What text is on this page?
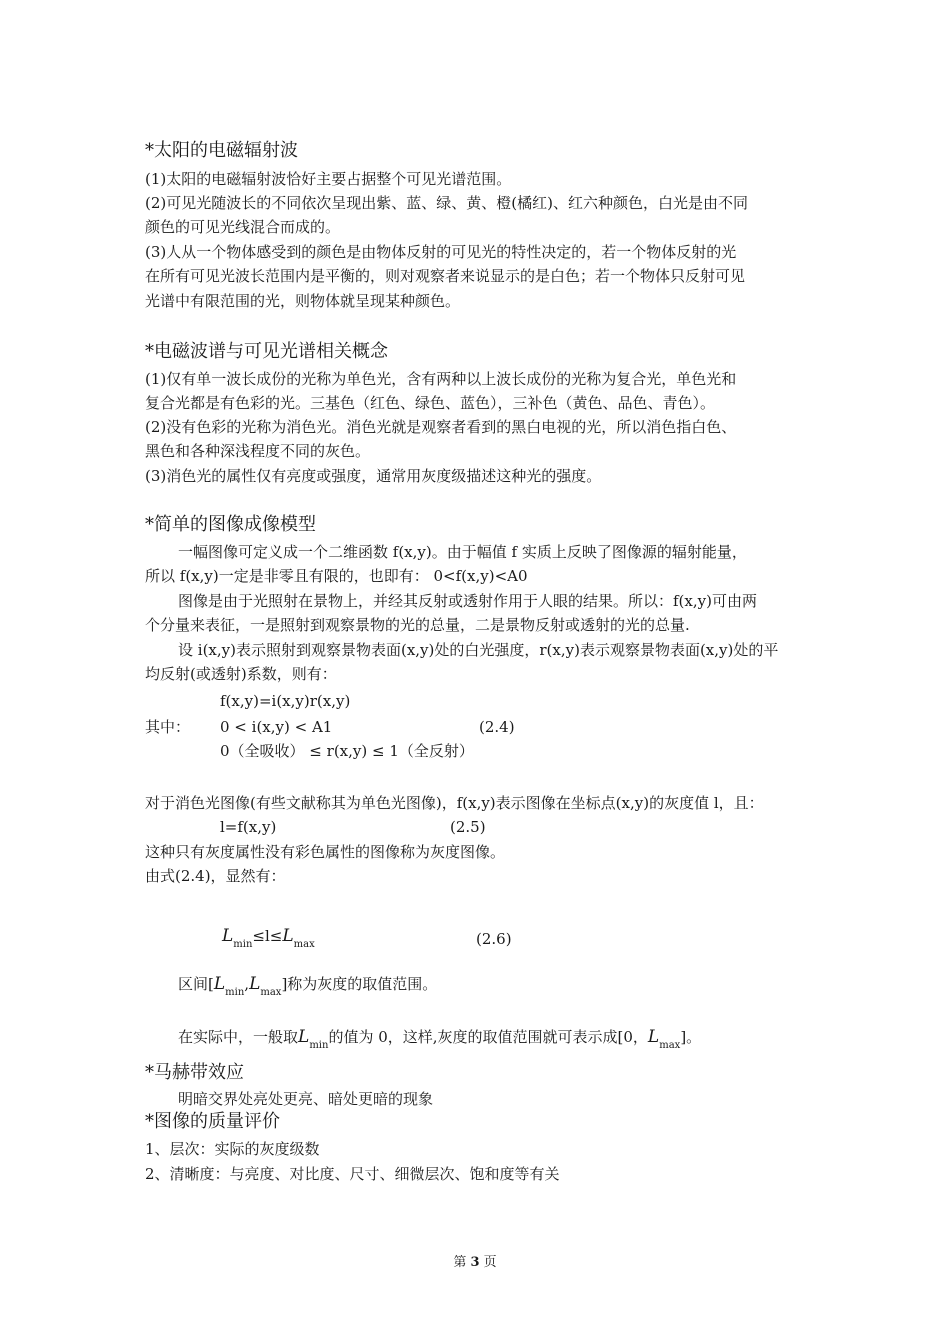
*太阳的电磁辐射波
(1)太阳的电磁辐射波恰好主要占据整个可见光谱范围。
(2)可见光随波长的不同依次呈现出紫、蓝、绿、黄、橙(橘红)、红六种颜色，白光是由不同
颜色的可见光线混合而成的。
(3)人从一个物体感受到的颜色是由物体反射的可见光的特性决定的，若一个物体反射的光
在所有可见光波长范围内是平衡的，则对观察者来说显示的是白色；若一个物体只反射可见
光谱中有限范围的光，则物体就呈现某种颜色。
*电磁波谱与可见光谱相关概念
(1)仅有单一波长成份的光称为单色光，含有两种以上波长成份的光称为复合光，单色光和
复合光都是有色彩的光。三基色（红色、绿色、蓝色），三补色（黄色、品色、青色）。
(2)没有色彩的光称为消色光。消色光就是观察者看到的黑白电视的光，所以消色指白色、
黑色和各种深浅程度不同的灰色。
(3)消色光的属性仅有亮度或强度，通常用灰度级描述这种光的强度。
*简单的图像成像模型
一幅图像可定义成一个二维函数 f(x,y)。由于幅值 f 实质上反映了图像源的辐射能量，
所以 f(x,y)一定是非零且有限的，也即有： 0<f(x,y)<A0
图像是由于光照射在景物上，并经其反射或透射作用于人眼的结果。所以：f(x,y)可由两
个分量来表征，一是照射到观察景物的光的总量，二是景物反射或透射的光的总量.
设 i(x,y)表示照射到观察景物表面(x,y)处的白光强度，r(x,y)表示观察景物表面(x,y)处的平
均反射(或透射)系数，则有：
f(x,y)=i(x,y)r(x,y)
其中： 0 < i(x,y) < A1	(2.4)
0（全吸收） ≤ r(x,y) ≤ 1（全反射）
对于消色光图像(有些文献称其为单色光图像)，f(x,y)表示图像在坐标点(x,y)的灰度值 l，且：
l=f(x,y)	(2.5)
这种只有灰度属性没有彩色属性的图像称为灰度图像。
由式(2.4)，显然有：
$L_{min}\le l\le L_{max}$	(2.6)
区间$[L_{min},L_{max}]$称为灰度的取值范围。
在实际中，一般取$L_{min}$的值为 0，这样,灰度的取值范围就可表示成[0，$L_{max}$]。
*马赫带效应
明暗交界处亮处更亮、暗处更暗的现象
*图像的质量评价
1、层次：实际的灰度级数
2、清晰度：与亮度、对比度、尺寸、细微层次、饱和度等有关
第 3 页
